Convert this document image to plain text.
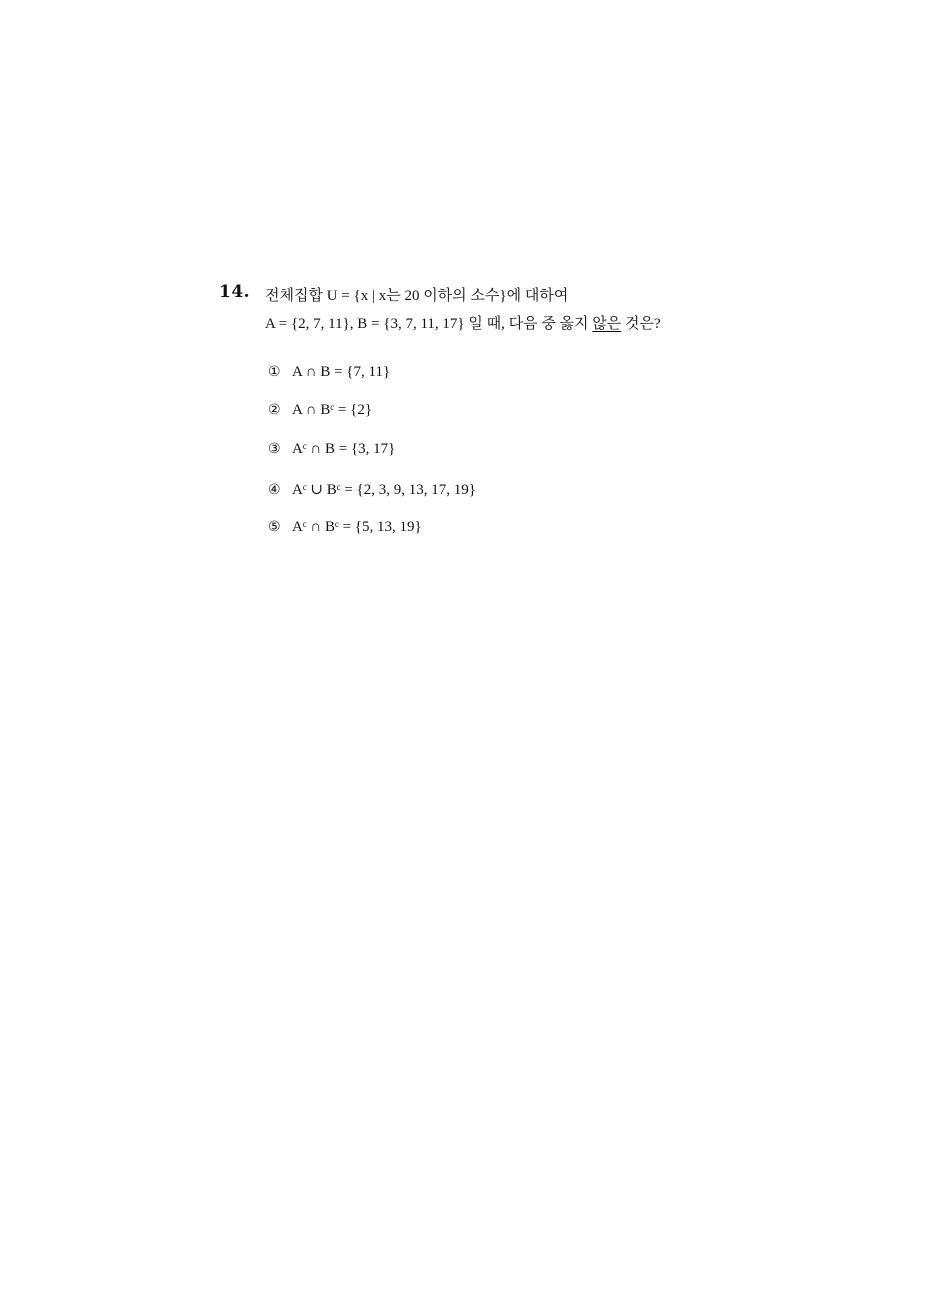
14. 전체집합 U = {x | x는 20 이하의 소수}에 대하여
A = {2, 7, 11}, B = {3, 7, 11, 17} 일 때, 다음 중 옳지 않은 것은?
① A ∩ B = {7, 11}
② A ∩ Bᶜ = {2}
③ Aᶜ ∩ B = {3, 17}
④ Aᶜ ∪ Bᶜ = {2, 3, 9, 13, 17, 19}
⑤ Aᶜ ∩ Bᶜ = {5, 13, 19}
